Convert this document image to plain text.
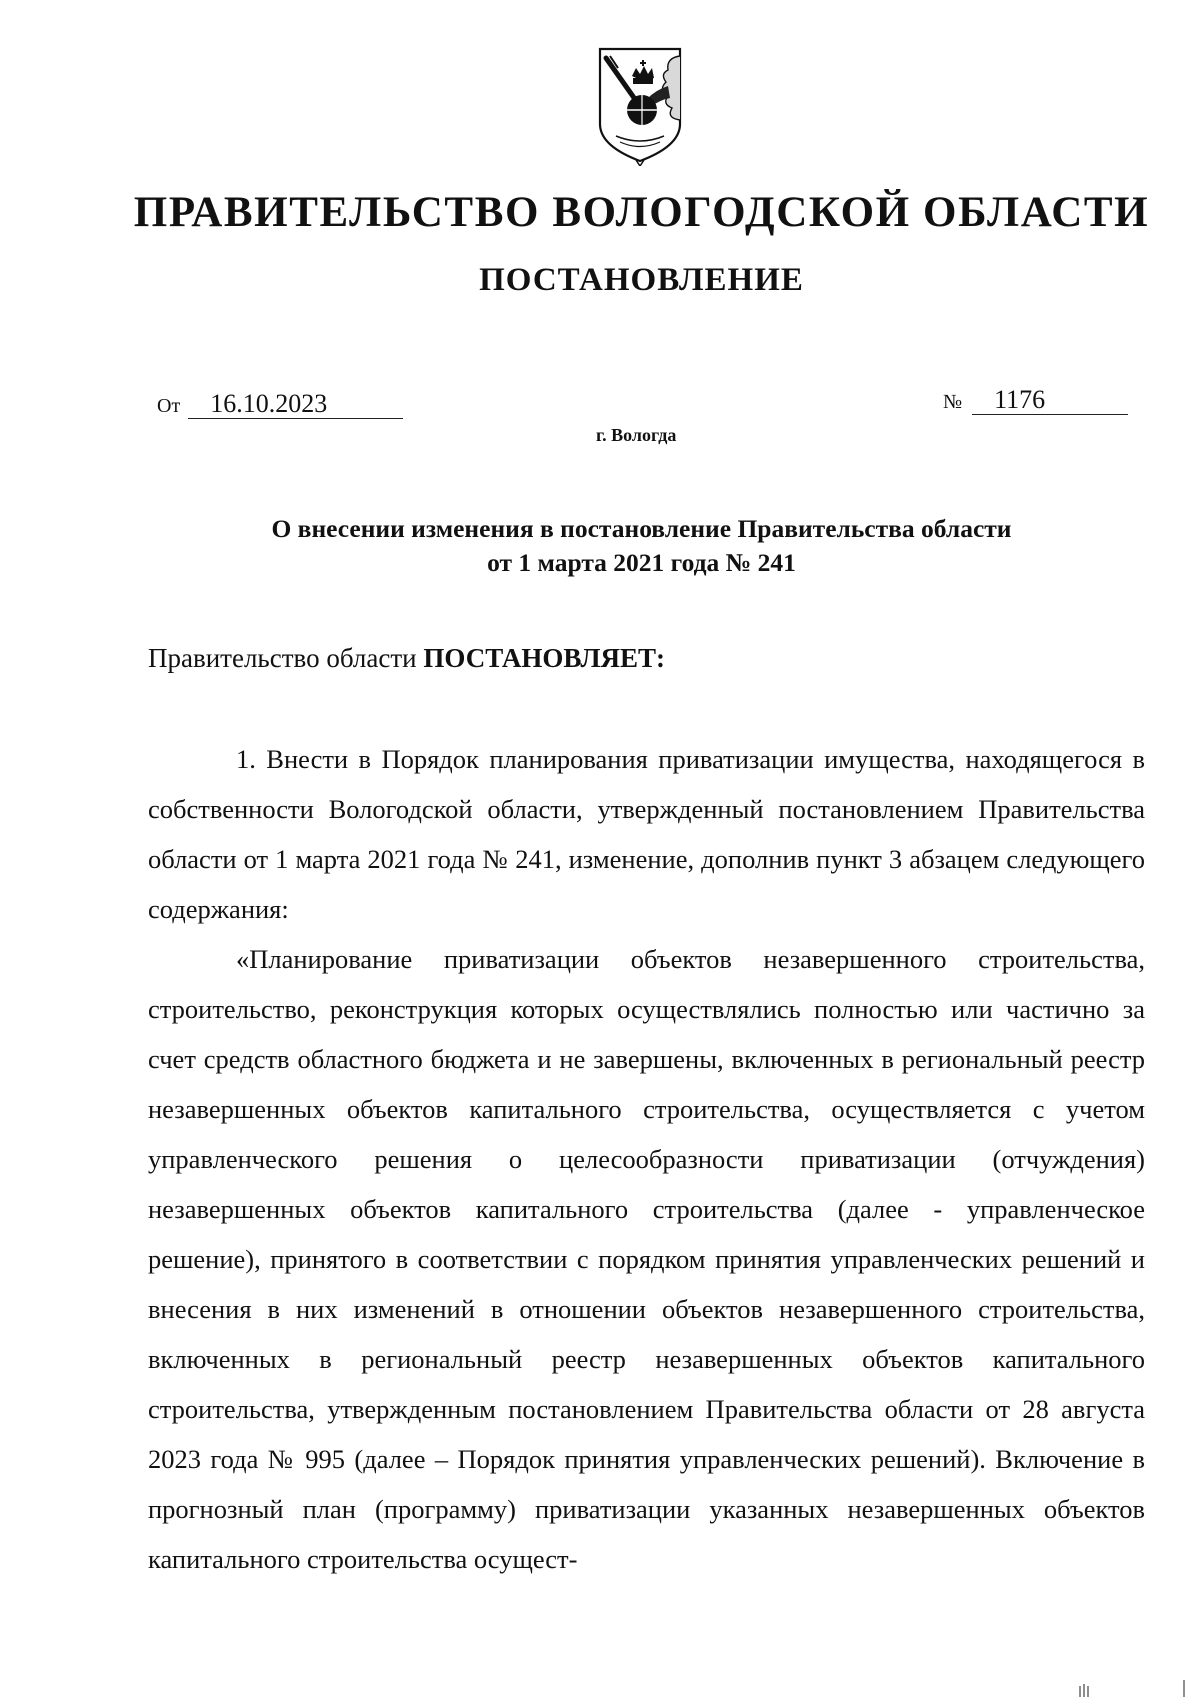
ПРАВИТЕЛЬСТВО ВОЛОГОДСКОЙ ОБЛАСТИ
ПОСТАНОВЛЕНИЕ
От 16.10.2023	№ 1176
г. Вологда
О внесении изменения в постановление Правительства области
от 1 марта 2021 года № 241
Правительство области ПОСТАНОВЛЯЕТ:

1. Внести в Порядок планирования приватизации имущества, находящегося в собственности Вологодской области, утвержденный постановлением Правительства области от 1 марта 2021 года № 241, изменение, дополнив пункт 3 абзацем следующего содержания:

«Планирование приватизации объектов незавершенного строительства, строительство, реконструкция которых осуществлялись полностью или частично за счет средств областного бюджета и не завершены, включенных в региональный реестр незавершенных объектов капитального строительства, осуществляется с учетом управленческого решения о целесообразности приватизации (отчуждения) незавершенных объектов капитального строительства (далее - управленческое решение), принятого в соответствии с порядком принятия управленческих решений и внесения в них изменений в отношении объектов незавершенного строительства, включенных в региональный реестр незавершенных объектов капитального строительства, утвержденным постановлением Правительства области от 28 августа 2023 года № 995 (далее – Порядок принятия управленческих решений). Включение в прогнозный план (программу) приватизации указанных незавершенных объектов капитального строительства осущест-
